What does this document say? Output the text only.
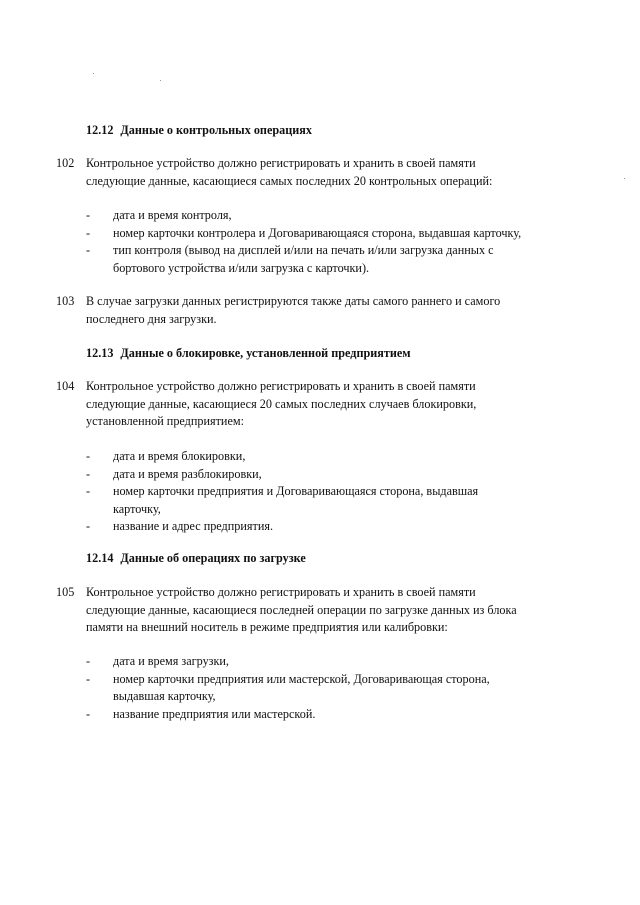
12.12 Данные о контрольных операциях
102 Контрольное устройство должно регистрировать и хранить в своей памяти
следующие данные, касающиеся самых последних 20 контрольных операций:
- дата и время контроля,
- номер карточки контролера и Договаривающаяся сторона, выдавшая карточку,
- тип контроля (вывод на дисплей и/или на печать и/или загрузка данных с
бортового устройства и/или загрузка с карточки).
103 В случае загрузки данных регистрируются также даты самого раннего и самого
последнего дня загрузки.
12.13 Данные о блокировке, установленной предприятием
104 Контрольное устройство должно регистрировать и хранить в своей памяти
следующие данные, касающиеся 20 самых последних случаев блокировки,
установленной предприятием:
- дата и время блокировки,
- дата и время разблокировки,
- номер карточки предприятия и Договаривающаяся сторона, выдавшая
карточку,
- название и адрес предприятия.
12.14 Данные об операциях по загрузке
105 Контрольное устройство должно регистрировать и хранить в своей памяти
следующие данные, касающиеся последней операции по загрузке данных из блока
памяти на внешний носитель в режиме предприятия или калибровки:
- дата и время загрузки,
- номер карточки предприятия или мастерской, Договаривающая сторона,
выдавшая карточку,
- название предприятия или мастерской.
